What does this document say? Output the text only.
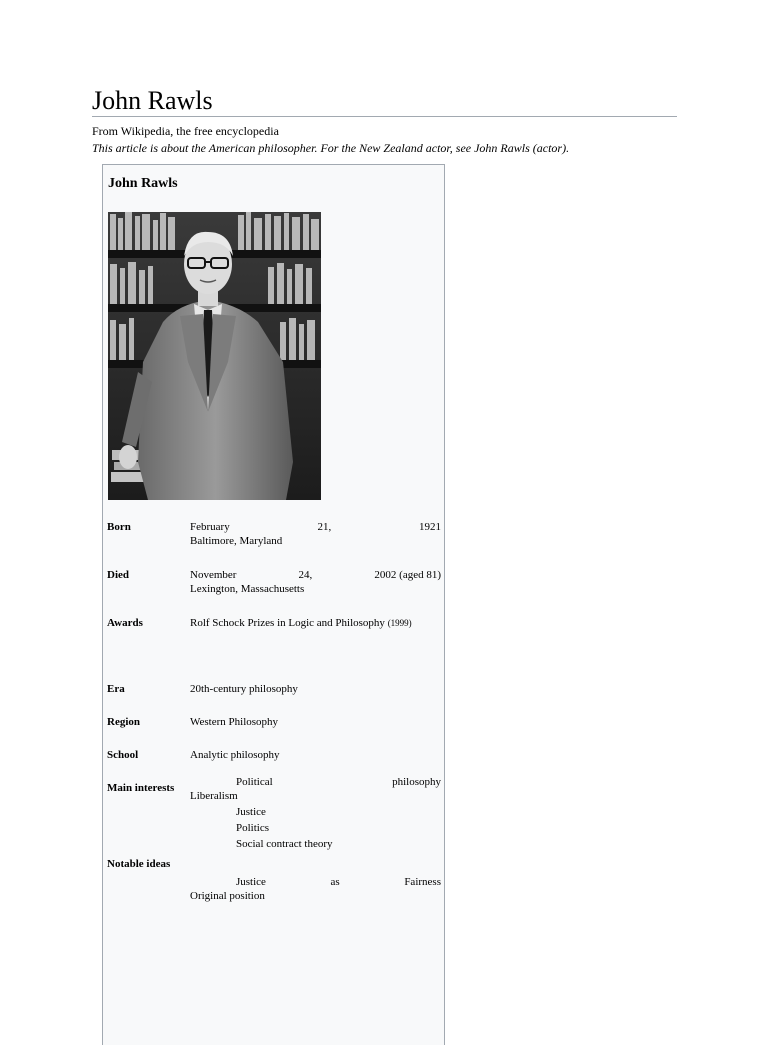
John Rawls
From Wikipedia, the free encyclopedia
This article is about the American philosopher. For the New Zealand actor, see John Rawls (actor).
John Rawls
Born	February	21,	1921
Baltimore, Maryland
Died	November	24,	2002 (aged 81)
Lexington, Massachusetts
Awards	Rolf Schock Prizes in Logic and Philosophy (1999)
Era	20th-century philosophy
Region	Western Philosophy
School	Analytic philosophy
Main interests	Political	philosophy
Liberalism
Justice
Politics
Social contract theory
Notable ideas
Justice	as	Fairness
Original position
